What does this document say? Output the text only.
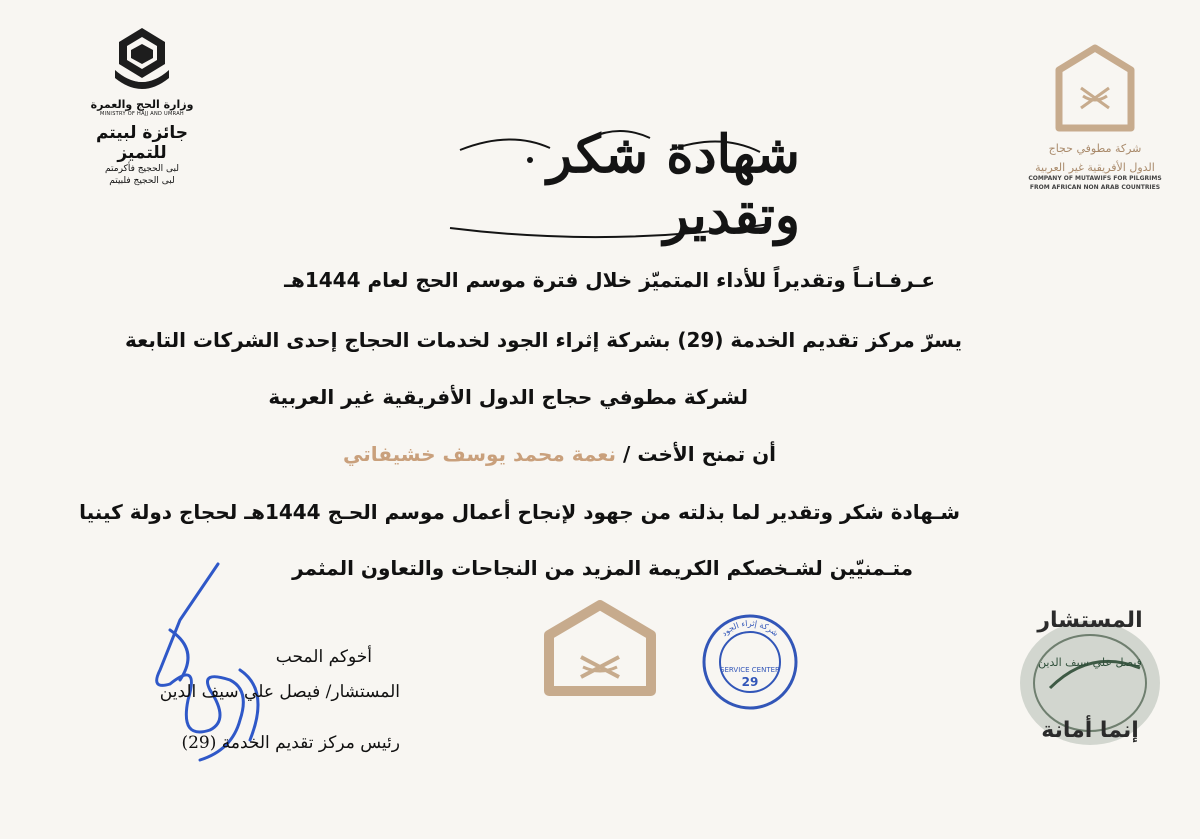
وزارة الحج والعمرة
MINISTRY OF HAJJ AND UMRAH
جائزة لبيتم للتميز
لبى الحجيج فأكرمتم
لبى الحجيج فلبيتم
شركة مطوفي حجاج
الدول الأفريقية غير العربية
COMPANY OF MUTAWIFS FOR PILGRIMS
FROM AFRICAN NON ARAB COUNTRIES
شهادة شكر وتقدير
عـرفـانـاً وتقديراً للأداء المتميّز خلال فترة موسم الحج لعام 1444هـ
يسرّ مركز تقديم الخدمة (29) بشركة إثراء الجود لخدمات الحجاج إحدى الشركات التابعة
لشركة مطوفي حجاج الدول الأفريقية غير العربية
أن تمنح الأخت / نعمة محمد يوسف خشيفاتي
شـهادة شكر وتقدير لما بذلته من جهود لإنجاح أعمال موسم الحـج 1444هـ لحجاج دولة كينيا
متـمنيّين لشـخصكم الكريمة المزيد من النجاحات والتعاون المثمر
أخوكم المحب
المستشار/ فيصل علي سيف الدين
رئيس مركز تقديم الخدمة (29)
شركة إثراء الجود
SERVICE CENTER
29
المستشار
فيصل علي سيف الدين
إنما أمانة
